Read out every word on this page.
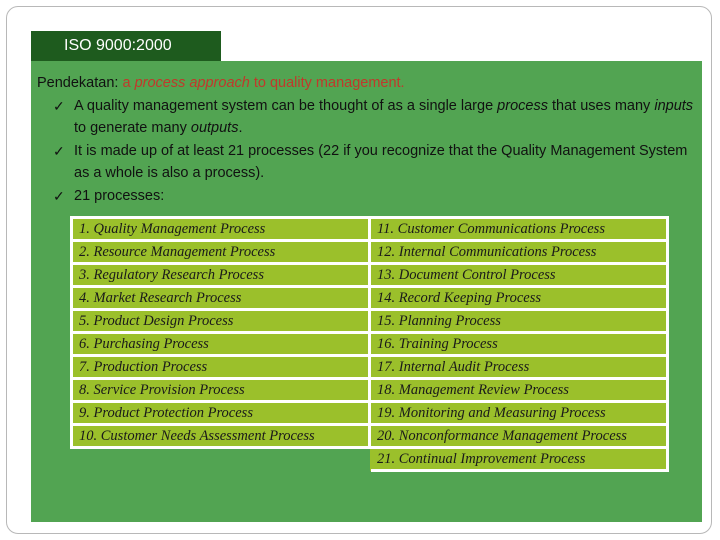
ISO 9000:2000
Pendekatan: a process approach to quality management.
✓ A quality management system can be thought of as a single large process that uses many inputs to generate many outputs.
✓ It is made up of at least 21 processes (22 if you recognize that the Quality Management System as a whole is also a process).
✓ 21 processes:
1. Quality Management Process	11. Customer Communications Process
2. Resource Management Process	12. Internal Communications Process
3. Regulatory Research Process	13. Document Control Process
4. Market Research Process	14. Record Keeping Process
5. Product Design Process	15. Planning Process
6. Purchasing Process	16. Training Process
7. Production Process	17. Internal Audit Process
8. Service Provision Process	18. Management Review Process
9. Product Protection Process	19. Monitoring and Measuring Process
10. Customer Needs Assessment Process	20. Nonconformance Management Process
	21. Continual Improvement Process
